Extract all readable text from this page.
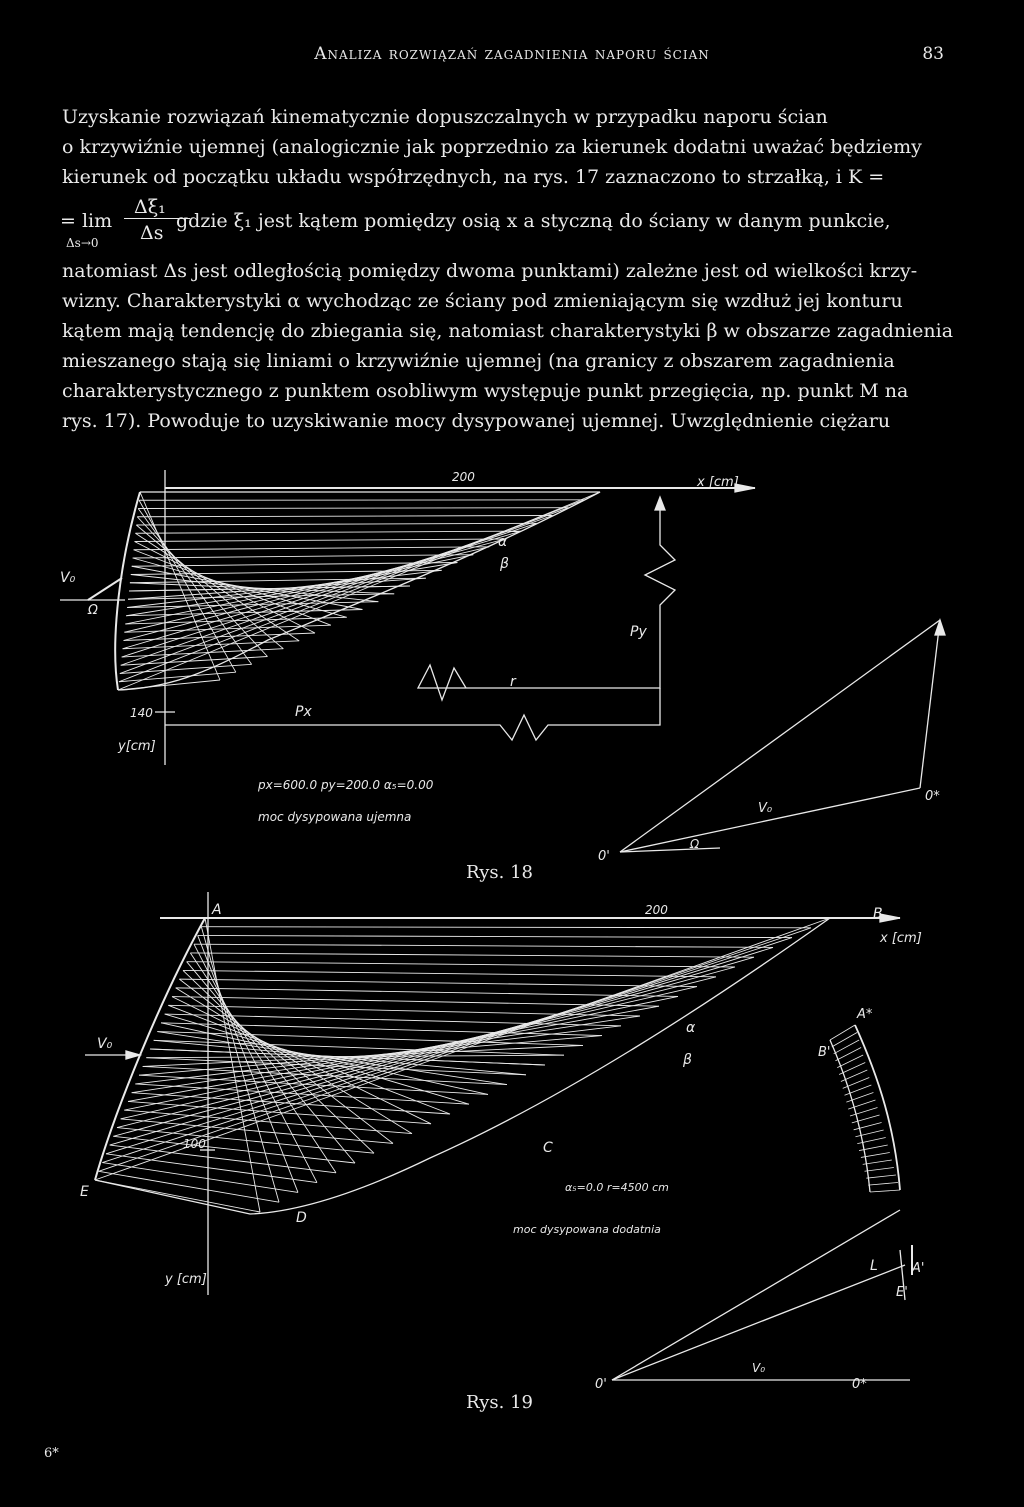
Analiza rozwiązań zagadnienia naporu ścian	83
Uzyskanie rozwiązań kinematycznie dopuszczalnych w przypadku naporu ścian
o krzywiźnie ujemnej (analogicznie jak poprzednio za kierunek dodatni uważać będziemy
kierunek od początku układu współrzędnych, na rys. 17 zaznaczono to strzałką, i K =
= lim
Δs→0
Δξ₁
Δs
gdzie ξ₁ jest kątem pomiędzy osią x a styczną do ściany w danym punkcie,
natomiast Δs jest odległością pomiędzy dwoma punktami) zależne jest od wielkości krzy-
wizny. Charakterystyki α wychodząc ze ściany pod zmieniającym się wzdłuż jej konturu
kątem mają tendencję do zbiegania się, natomiast charakterystyki β w obszarze zagadnienia
mieszanego stają się liniami o krzywiźnie ujemnej (na granicy z obszarem zagadnienia
charakterystycznego z punktem osobliwym występuje punkt przegięcia, np. punkt M na
rys. 17). Powoduje to uzyskiwanie mocy dysypowanej ujemnej. Uwzględnienie ciężaru
200	x [cm]
140
y[cm]
V₀
Ω
α
β
Py
Px
r
px=600.0 py=200.0 α₅=0.00
moc dysypowana ujemna
0'
0*
V₀
Ω
A	B
200
x [cm]
V₀
α
β
C
D
E
100
y [cm]
A*
B'
α₅=0.0 r=4500 cm
moc dysypowana dodatnia
L	A'
E'
0'
V₀
0*
Rys. 18
Rys. 19
6*
